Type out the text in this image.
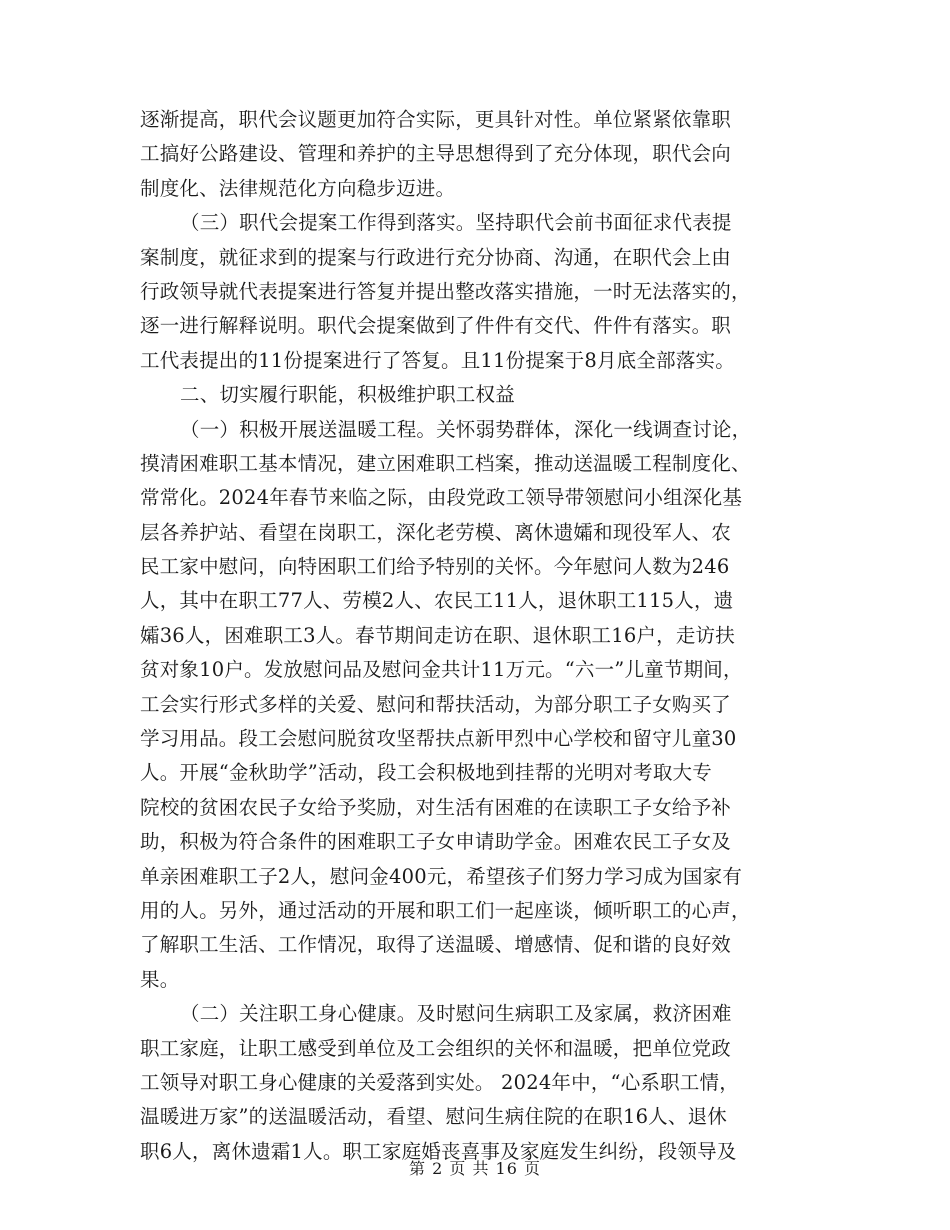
逐渐提高，职代会议题更加符合实际，更具针对性。单位紧紧依靠职
工搞好公路建设、管理和养护的主导思想得到了充分体现，职代会向
制度化、法律规范化方向稳步迈进。
（三）职代会提案工作得到落实。坚持职代会前书面征求代表提
案制度，就征求到的提案与行政进行充分协商、沟通，在职代会上由
行政领导就代表提案进行答复并提出整改落实措施，一时无法落实的，
逐一进行解释说明。职代会提案做到了件件有交代、件件有落实。职
工代表提出的11份提案进行了答复。且11份提案于8月底全部落实。
二、切实履行职能，积极维护职工权益
（一）积极开展送温暖工程。关怀弱势群体，深化一线调查讨论，
摸清困难职工基本情况，建立困难职工档案，推动送温暖工程制度化、
常常化。2024年春节来临之际，由段党政工领导带领慰问小组深化基
层各养护站、看望在岗职工，深化老劳模、离休遗孀和现役军人、农
民工家中慰问，向特困职工们给予特别的关怀。今年慰问人数为246
人，其中在职工77人、劳模2人、农民工11人，退休职工115人，遗
孀36人，困难职工3人。春节期间走访在职、退休职工16户，走访扶
贫对象10户。发放慰问品及慰问金共计11万元。“六一”儿童节期间，
工会实行形式多样的关爱、慰问和帮扶活动，为部分职工子女购买了
学习用品。段工会慰问脱贫攻坚帮扶点新甲烈中心学校和留守儿童30
人。开展“金秋助学”活动，段工会积极地到挂帮的光明对考取大专
院校的贫困农民子女给予奖励，对生活有困难的在读职工子女给予补
助，积极为符合条件的困难职工子女申请助学金。困难农民工子女及
单亲困难职工子2人，慰问金400元，希望孩子们努力学习成为国家有
用的人。另外，通过活动的开展和职工们一起座谈，倾听职工的心声，
了解职工生活、工作情况，取得了送温暖、增感情、促和谐的良好效
果。
（二）关注职工身心健康。及时慰问生病职工及家属，救济困难
职工家庭，让职工感受到单位及工会组织的关怀和温暖，把单位党政
工领导对职工身心健康的关爱落到实处。 2024年中，“心系职工情，
温暖进万家”的送温暖活动，看望、慰问生病住院的在职16人、退休
职6人，离休遗霜1人。职工家庭婚丧喜事及家庭发生纠纷，段领导及
第 2 页 共 16 页
